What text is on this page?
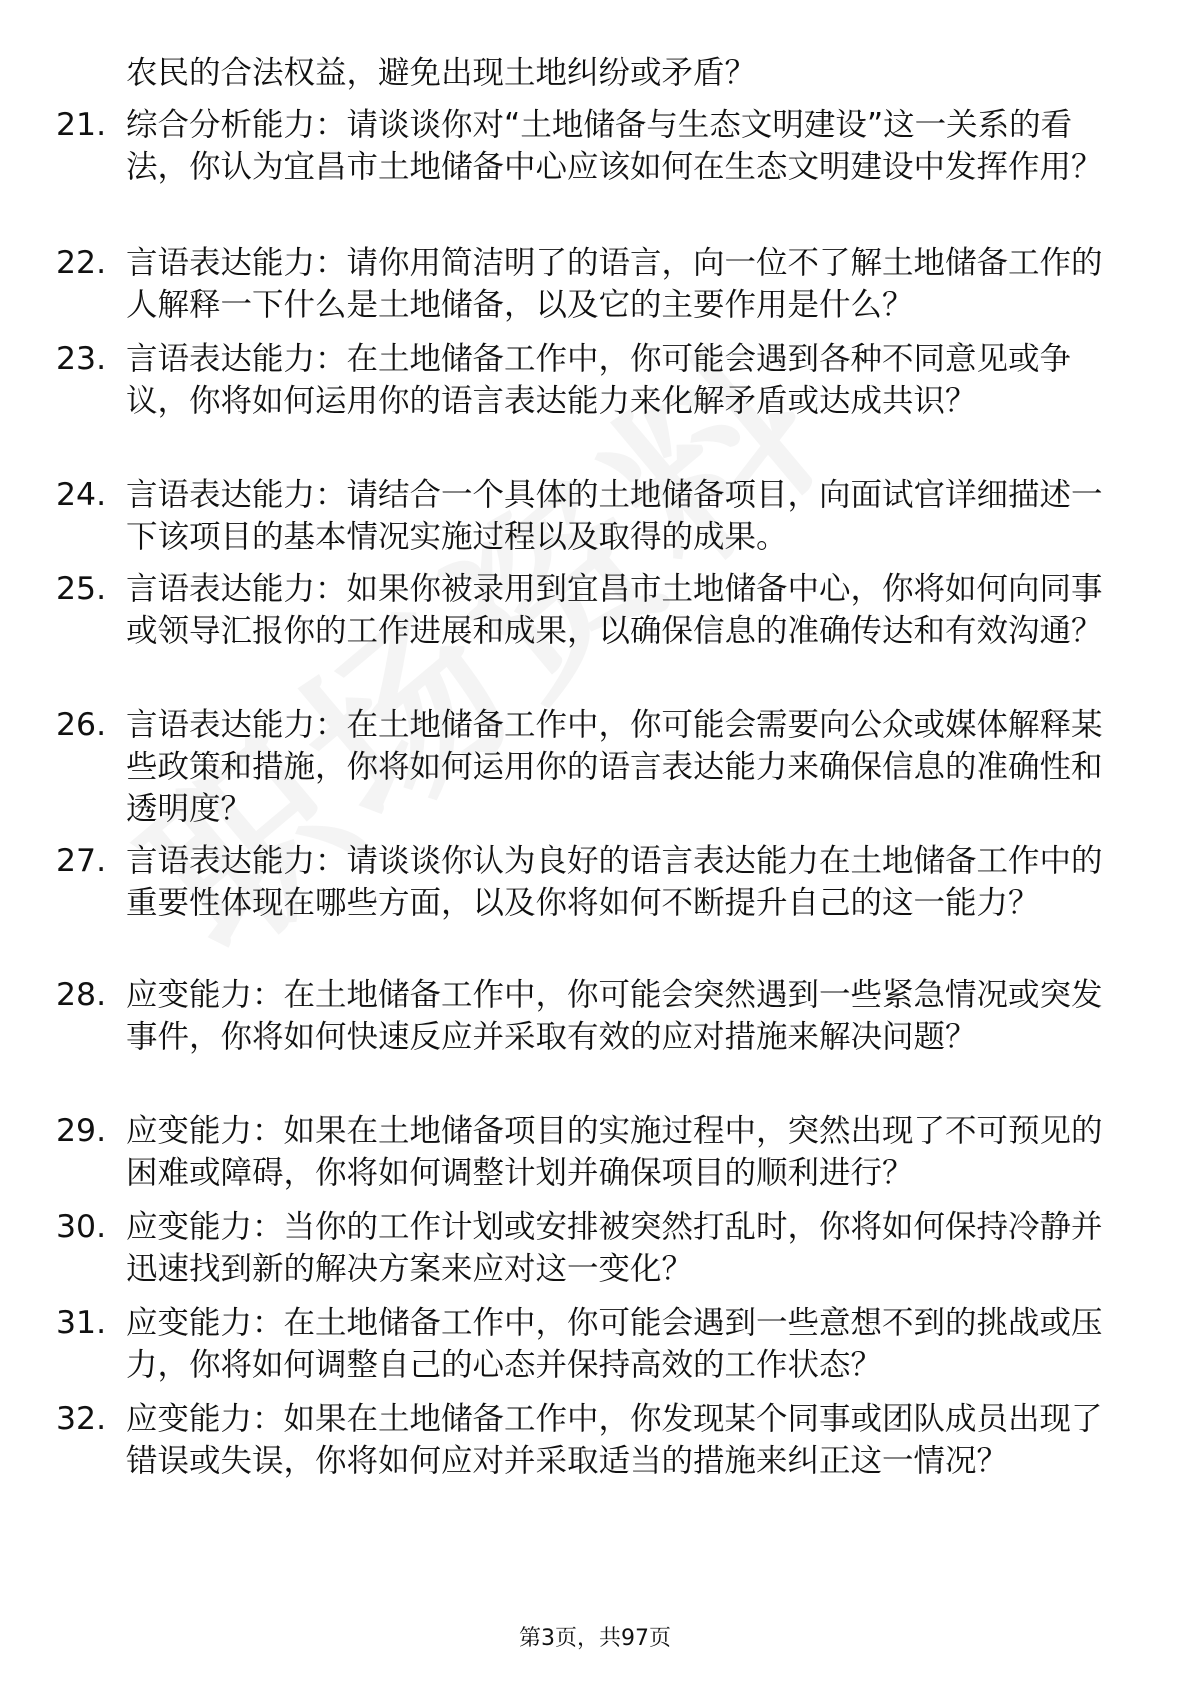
农民的合法权益，避免出现土地纠纷或矛盾？

21. 综合分析能力：请谈谈你对“土地储备与生态文明建设”这一关系的看法，你认为宜昌市土地储备中心应该如何在生态文明建设中发挥作用？

22. 言语表达能力：请你用简洁明了的语言，向一位不了解土地储备工作的人解释一下什么是土地储备，以及它的主要作用是什么？

23. 言语表达能力：在土地储备工作中，你可能会遇到各种不同意见或争议，你将如何运用你的语言表达能力来化解矛盾或达成共识？

24. 言语表达能力：请结合一个具体的土地储备项目，向面试官详细描述一下该项目的基本情况实施过程以及取得的成果。

25. 言语表达能力：如果你被录用到宜昌市土地储备中心，你将如何向同事或领导汇报你的工作进展和成果，以确保信息的准确传达和有效沟通？

26. 言语表达能力：在土地储备工作中，你可能会需要向公众或媒体解释某些政策和措施，你将如何运用你的语言表达能力来确保信息的准确性和透明度？

27. 言语表达能力：请谈谈你认为良好的语言表达能力在土地储备工作中的重要性体现在哪些方面，以及你将如何不断提升自己的这一能力？

28. 应变能力：在土地储备工作中，你可能会突然遇到一些紧急情况或突发事件，你将如何快速反应并采取有效的应对措施来解决问题？

29. 应变能力：如果在土地储备项目的实施过程中，突然出现了不可预见的困难或障碍，你将如何调整计划并确保项目的顺利进行？

30. 应变能力：当你的工作计划或安排被突然打乱时，你将如何保持冷静并迅速找到新的解决方案来应对这一变化？

31. 应变能力：在土地储备工作中，你可能会遇到一些意想不到的挑战或压力，你将如何调整自己的心态并保持高效的工作状态？

32. 应变能力：如果在土地储备工作中，你发现某个同事或团队成员出现了错误或失误，你将如何应对并采取适当的措施来纠正这一情况？

第3页，共97页
